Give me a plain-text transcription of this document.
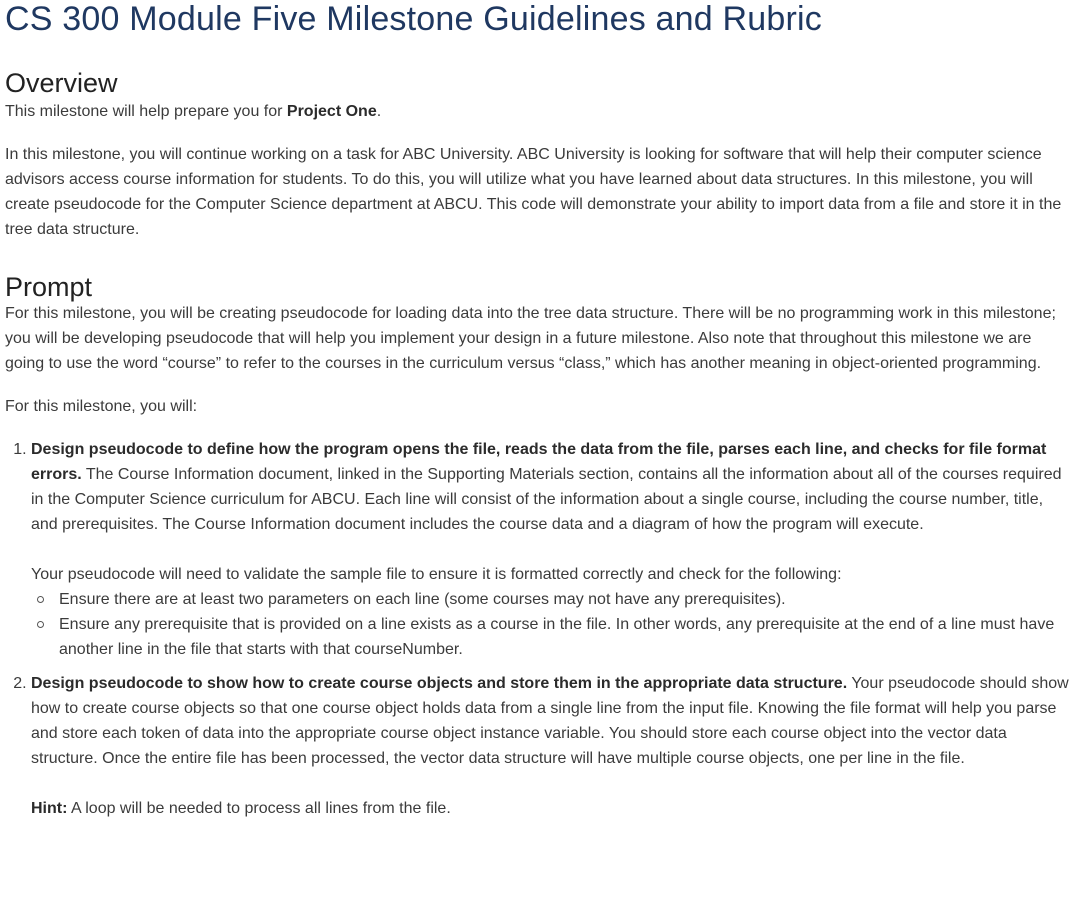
CS 300 Module Five Milestone Guidelines and Rubric
Overview

This milestone will help prepare you for Project One.

In this milestone, you will continue working on a task for ABC University. ABC University is looking for software that will help their computer science advisors access course information for students. To do this, you will utilize what you have learned about data structures. In this milestone, you will create pseudocode for the Computer Science department at ABCU. This code will demonstrate your ability to import data from a file and store it in the tree data structure.

Prompt

For this milestone, you will be creating pseudocode for loading data into the tree data structure. There will be no programming work in this milestone; you will be developing pseudocode that will help you implement your design in a future milestone. Also note that throughout this milestone we are going to use the word “course” to refer to the courses in the curriculum versus “class,” which has another meaning in object-oriented programming.

For this milestone, you will:

1. Design pseudocode to define how the program opens the file, reads the data from the file, parses each line, and checks for file format errors. The Course Information document, linked in the Supporting Materials section, contains all the information about all of the courses required in the Computer Science curriculum for ABCU. Each line will consist of the information about a single course, including the course number, title, and prerequisites. The Course Information document includes the course data and a diagram of how the program will execute.
Your pseudocode will need to validate the sample file to ensure it is formatted correctly and check for the following:
Ensure there are at least two parameters on each line (some courses may not have any prerequisites).
Ensure any prerequisite that is provided on a line exists as a course in the file. In other words, any prerequisite at the end of a line must have another line in the file that starts with that courseNumber.
2. Design pseudocode to show how to create course objects and store them in the appropriate data structure. Your pseudocode should show how to create course objects so that one course object holds data from a single line from the input file. Knowing the file format will help you parse and store each token of data into the appropriate course object instance variable. You should store each course object into the vector data structure. Once the entire file has been processed, the vector data structure will have multiple course objects, one per line in the file.
Hint: A loop will be needed to process all lines from the file.
